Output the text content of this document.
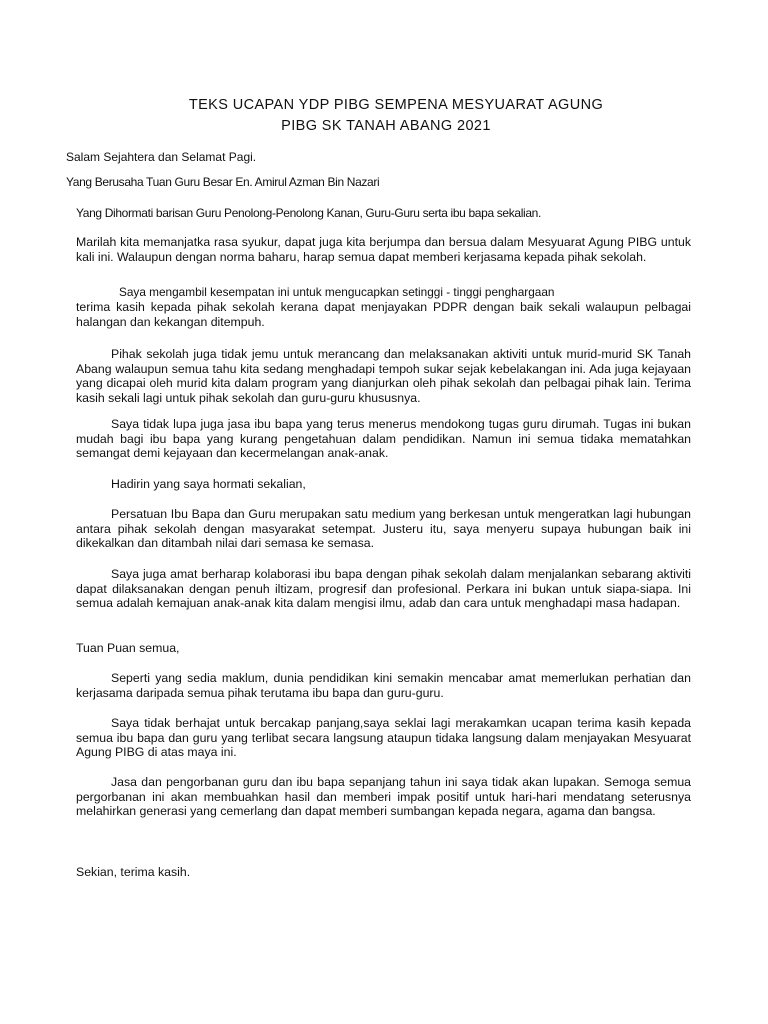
TEKS UCAPAN YDP PIBG SEMPENA MESYUARAT AGUNG
PIBG SK TANAH ABANG 2021
Salam Sejahtera dan Selamat Pagi.
Yang Berusaha Tuan Guru Besar En. Amirul Azman Bin Nazari
Yang Dihormati barisan Guru Penolong-Penolong Kanan, Guru-Guru serta ibu bapa sekalian.
Marilah kita memanjatka rasa syukur, dapat juga kita berjumpa dan bersua dalam Mesyuarat Agung PIBG untuk kali ini. Walaupun dengan norma baharu, harap semua dapat memberi kerjasama kepada pihak sekolah.
Saya mengambil kesempatan ini untuk mengucapkan setinggi - tinggi penghargaan
terima kasih kepada pihak sekolah kerana dapat menjayakan PDPR dengan baik sekali walaupun pelbagai halangan dan kekangan ditempuh.
Pihak sekolah juga tidak jemu untuk merancang dan melaksanakan aktiviti untuk murid-murid SK Tanah Abang walaupun semua tahu kita sedang menghadapi tempoh sukar sejak kebelakangan ini. Ada juga kejayaan yang dicapai oleh murid kita dalam program yang dianjurkan oleh pihak sekolah dan pelbagai pihak lain. Terima kasih sekali lagi untuk pihak sekolah dan guru-guru khususnya.
Saya tidak lupa juga jasa ibu bapa yang terus menerus mendokong tugas guru dirumah. Tugas ini bukan mudah bagi ibu bapa yang kurang pengetahuan dalam pendidikan. Namun ini semua tidaka mematahkan semangat demi kejayaan dan kecermelangan anak-anak.
Hadirin yang saya hormati sekalian,
Persatuan Ibu Bapa dan Guru merupakan satu medium yang berkesan untuk mengeratkan lagi hubungan antara pihak sekolah dengan masyarakat setempat. Justeru itu, saya menyeru supaya hubungan baik ini dikekalkan dan ditambah nilai dari semasa ke semasa.
Saya juga amat berharap kolaborasi ibu bapa dengan pihak sekolah dalam menjalankan sebarang aktiviti dapat dilaksanakan dengan penuh iltizam, progresif dan profesional. Perkara ini bukan untuk siapa-siapa. Ini semua adalah kemajuan anak-anak kita dalam mengisi ilmu, adab dan cara untuk menghadapi masa hadapan.
Tuan Puan semua,
Seperti yang sedia maklum, dunia pendidikan kini semakin mencabar amat memerlukan perhatian dan kerjasama daripada semua pihak terutama ibu bapa dan guru-guru.
Saya tidak berhajat untuk bercakap panjang,saya seklai lagi merakamkan ucapan terima kasih kepada semua ibu bapa dan guru yang terlibat secara langsung ataupun tidaka langsung dalam menjayakan Mesyuarat Agung PIBG di atas maya ini.
Jasa dan pengorbanan guru dan ibu bapa sepanjang tahun ini saya tidak akan lupakan. Semoga semua pergorbanan ini akan membuahkan hasil dan memberi impak positif untuk hari-hari mendatang seterusnya melahirkan generasi yang cemerlang dan dapat memberi sumbangan kepada negara, agama dan bangsa.
Sekian, terima kasih.
